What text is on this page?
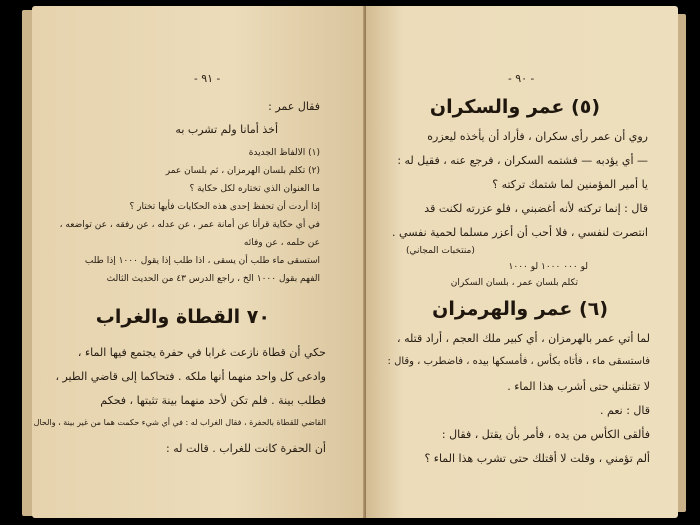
- ٩١ -
فقال عمر :
أخذ أمانا ولم تشرب به
(١) الالفاظ الجديدة
(٢) تكلم بلسان الهرمزان ، ثم بلسان عمر
ما العنوان الذي تختاره لكل حكاية ؟
إذا أردت أن تحفظ إحدى هذه الحكايات فأيها تختار ؟
في أي حكاية قرأنا عن أمانة عمر ، عن عدله ، عن رفقه ، عن تواضعه ،
عن حلمه ، عن وفائه
استسقى ماء طلب أن يسقى ، اذا طلب إذا يقول ١٠٠٠ إذا طلب
الفهم بقول ١٠٠٠ الخ ، راجع الدرس ٤٣ من الحديث الثالث
٧٠ القطاة والغراب
حكي أن قطاة نازعت غرابا في حفرة يجتمع فيها الماء ،
وادعى كل واحد منهما أنها ملكه . فتحاكما إلى قاضي الطير ،
فطلب بينة . فلم تكن لأحد منهما بينة تثبتها ، فحكم
القاضي للقطاة بالحفرة ، فقال الغراب له : في أي شيء حكمت هما من غير بينة ، والحال
أن الحفرة كانت للغراب . قالت له :
- ٩٠ -
(٥) عمر والسكران
روي أن عمر رأى سكران ، فأراد أن يأخذه ليعزره
— أي يؤدبه — فشتمه السكران ، فرجع عنه ، فقيل له :
يا أمير المؤمنين لما شتمك تركته ؟
قال : إنما تركته لأنه أغضبني ، فلو عزرته لكنت قد
انتصرت لنفسي ، فلا أحب أن أعزر مسلما لحمية نفسي .
(منتخبات المجاني)
لو ٠٠٠ ١٠٠٠ لو ١٠٠٠
تكلم بلسان عمر ، بلسان السكران
(٦) عمر والهرمزان
لما أتي عمر بالهرمزان ، أي كبير ملك العجم ، أراد قتله ،
فاستسقى ماء ، فأتاه بكأس ، فأمسكها بيده ، فاضطرب ، وقال :
لا تقتلني حتى أشرب هذا الماء .
قال : نعم .
فألقى الكأس من يده ، فأمر بأن يقتل ، فقال :
ألم تؤمني ، وقلت لا أقتلك حتى تشرب هذا الماء ؟
